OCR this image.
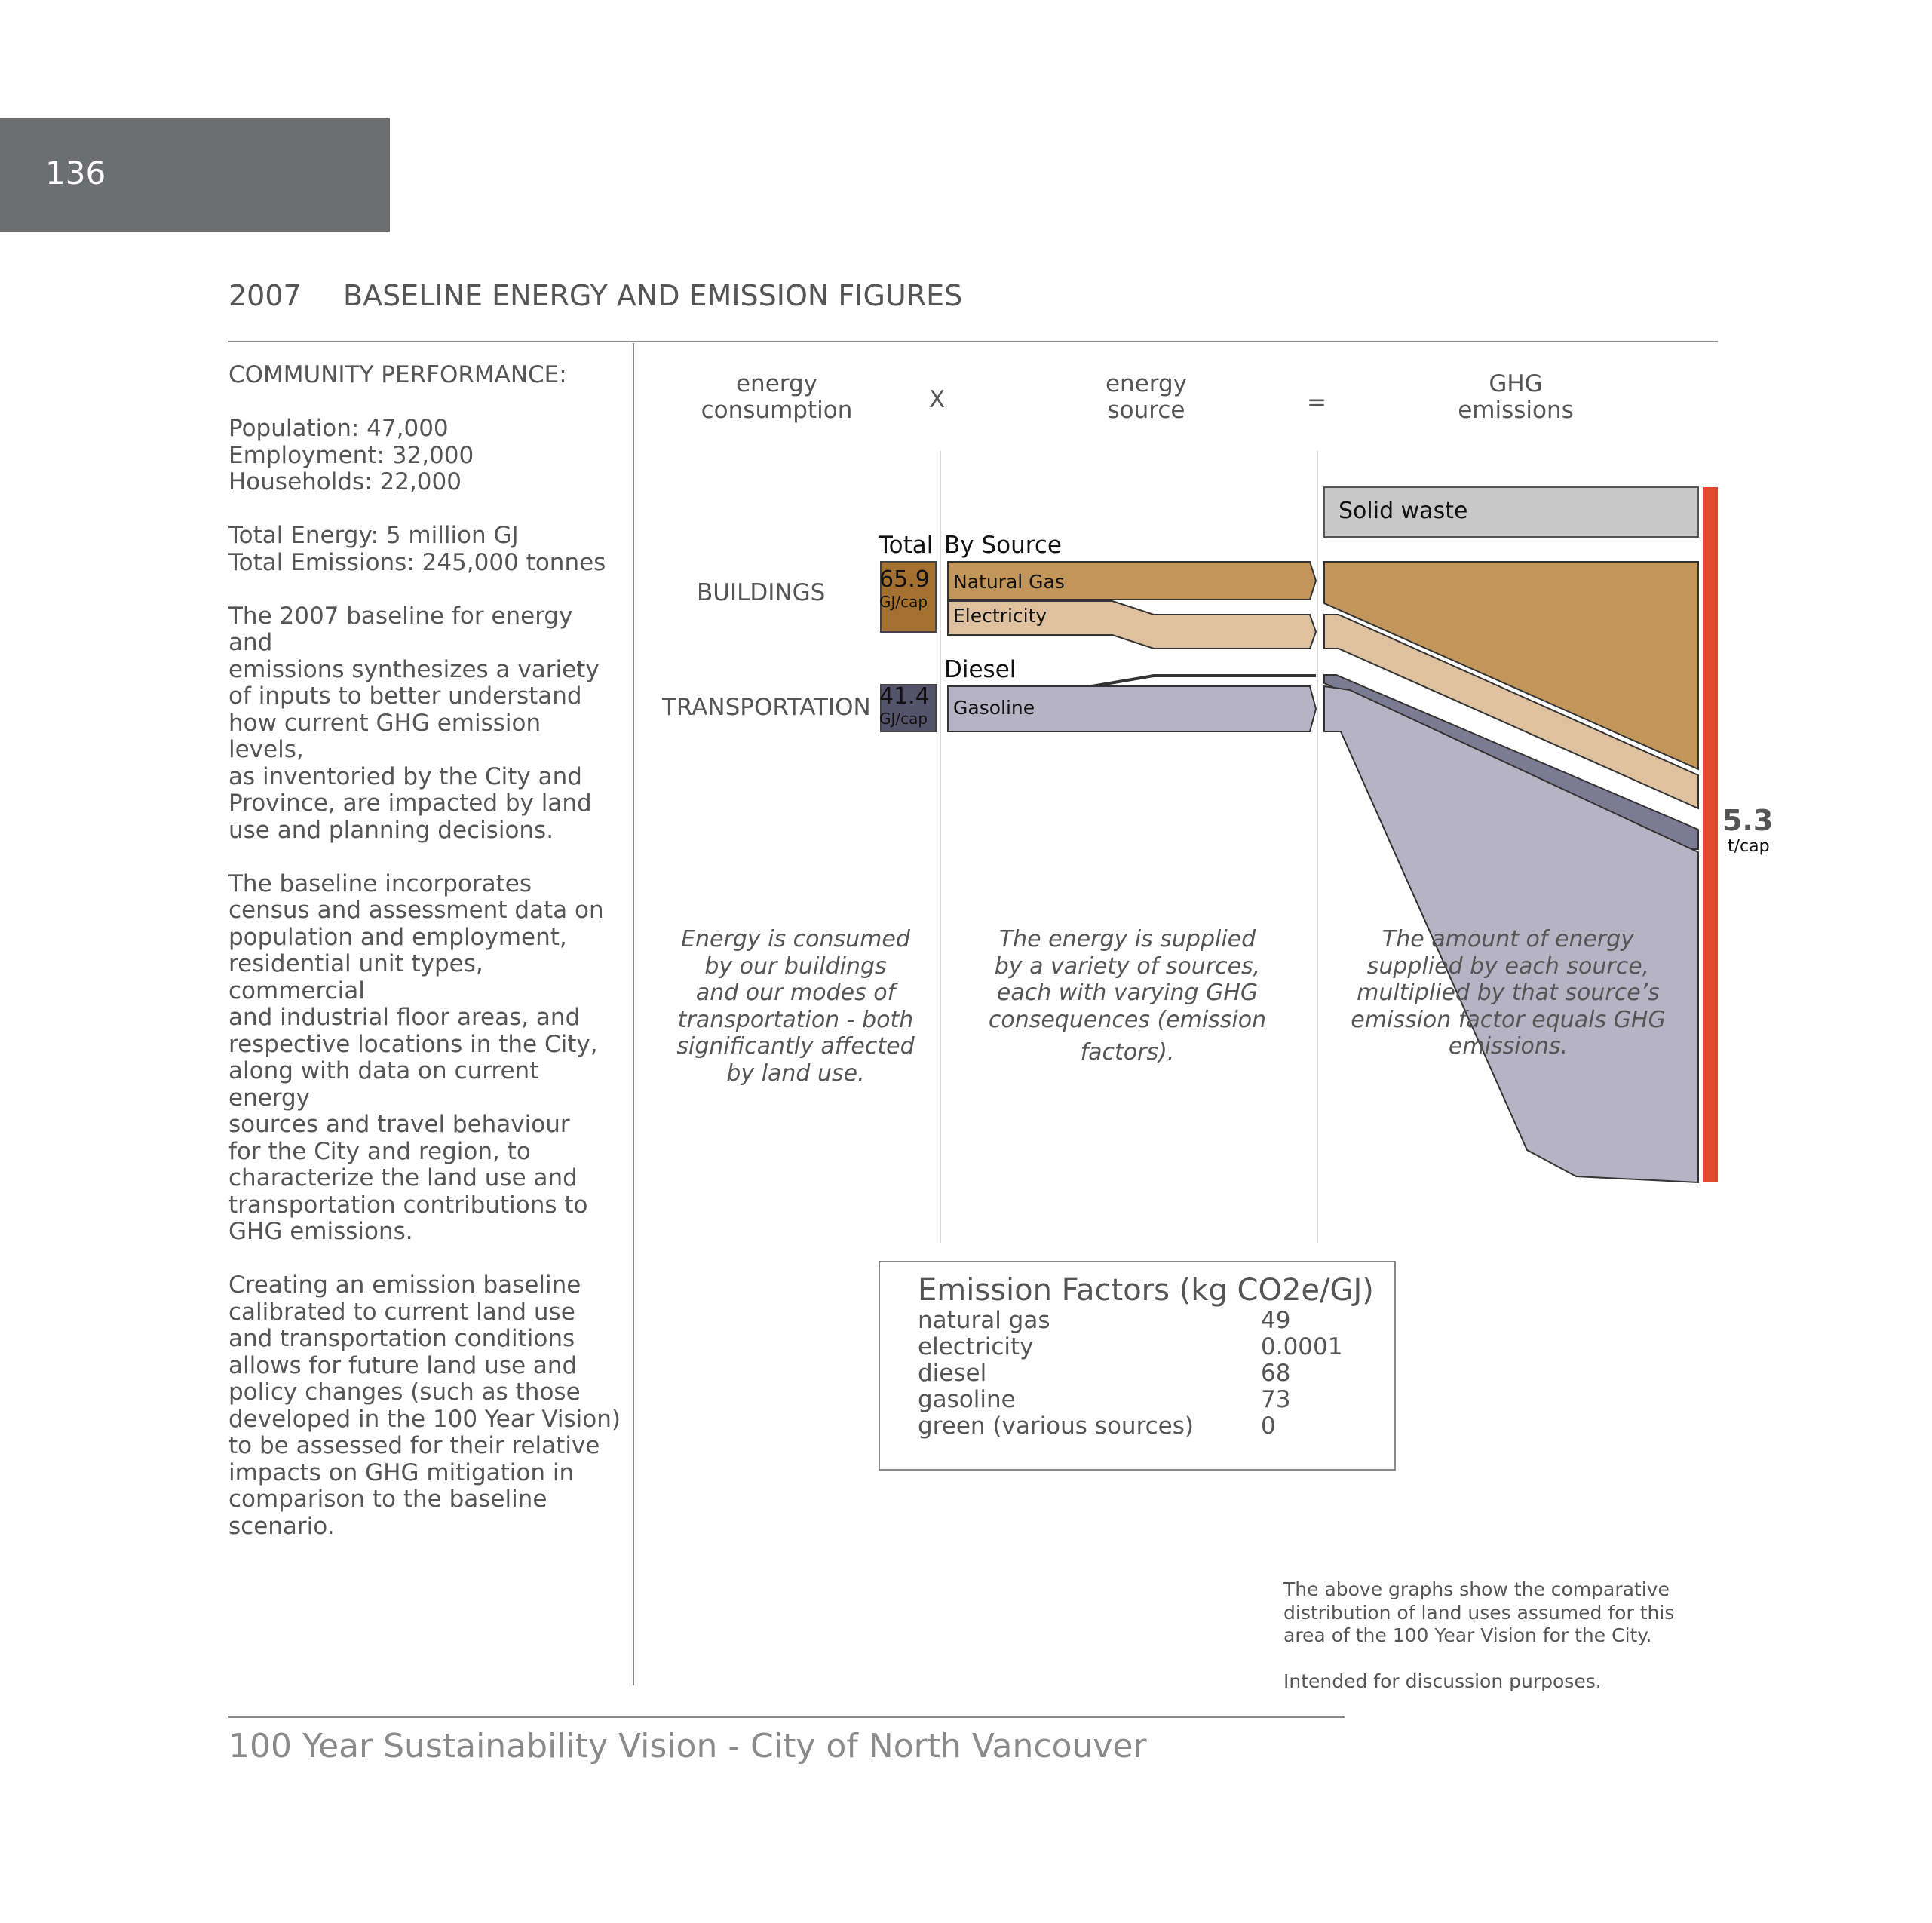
136
2007 BASELINE ENERGY AND EMISSION FIGURES

COMMUNITY PERFORMANCE:

Population: 47,000
Employment: 32,000
Households: 22,000

Total Energy: 5 million GJ
Total Emissions: 245,000 tonnes

The 2007 baseline for energy and
emissions synthesizes a variety
of inputs to better understand
how current GHG emission levels,
as inventoried by the City and
Province, are impacted by land
use and planning decisions.

The baseline incorporates
census and assessment data on
population and employment,
residential unit types, commercial
and industrial floor areas, and
respective locations in the City,
along with data on current energy
sources and travel behaviour
for the City and region, to
characterize the land use and
transportation contributions to
GHG emissions.

Creating an emission baseline
calibrated to current land use
and transportation conditions
allows for future land use and
policy changes (such as those
developed in the 100 Year Vision)
to be assessed for their relative
impacts on GHG mitigation in
comparison to the baseline
scenario.

energy
consumption	X
energy
source	=
GHG
emissions
Total By Source
BUILDINGS
TRANSPORTATION
65.9
GJ/cap
41.4
GJ/cap
Natural Gas
Electricity
Diesel
Gasoline
Solid waste
5.3
t/cap
Energy is consumed
by our buildings
and our modes of
transportation - both
significantly affected
by land use.
The energy is supplied
by a variety of sources,
each with varying GHG
consequences (emission
factors).
The amount of energy
supplied by each source,
multiplied by that source’s
emission factor equals GHG
emissions.
Emission Factors (kg CO2e/GJ)
natural gas	49
electricity	0.0001
diesel	68
gasoline	73
green (various sources)	0

The above graphs show the comparative
distribution of land uses assumed for this
area of the 100 Year Vision for the City.

Intended for discussion purposes.

100 Year Sustainability Vision - City of North Vancouver
